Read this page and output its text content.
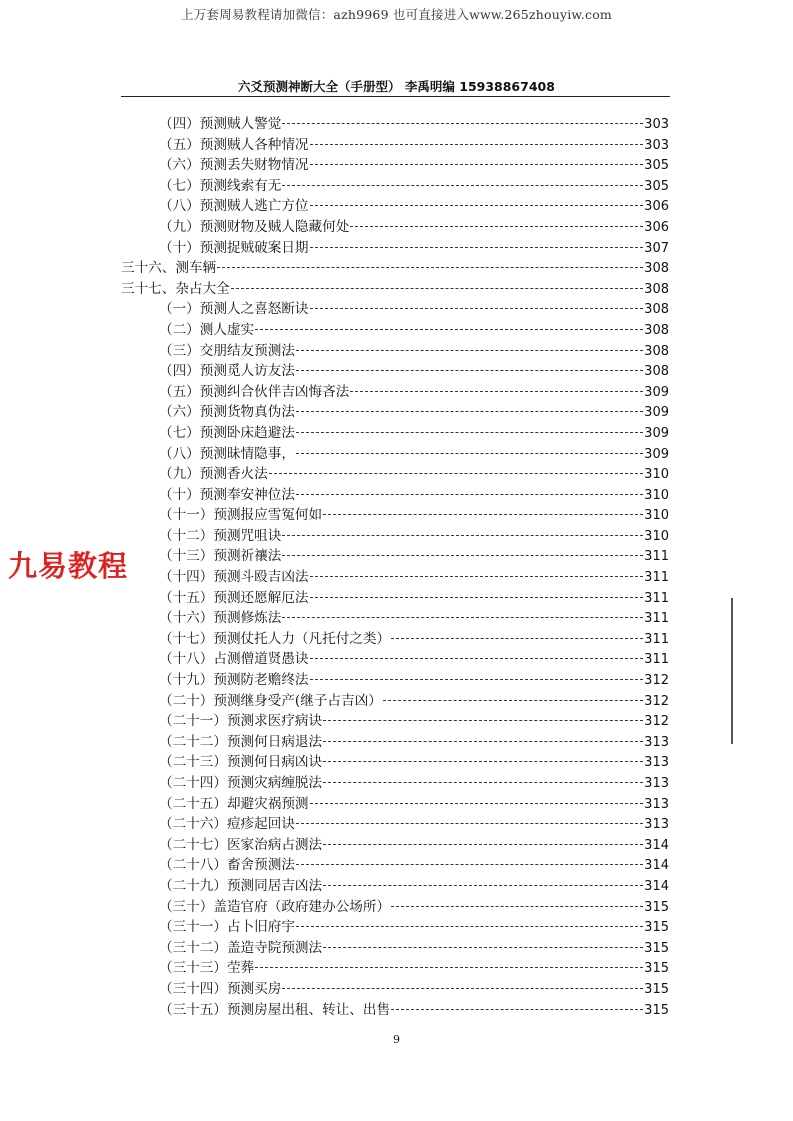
上万套周易教程请加微信：azh9969 也可直接进入www.265zhouyiw.com
六爻预测神断大全（手册型） 李禹明编 15938867408
（四）预测贼人警觉	303
（五）预测贼人各种情况	303
（六）预测丢失财物情况	305
（七）预测线索有无	305
（八）预测贼人逃亡方位	306
（九）预测财物及贼人隐藏何处	306
（十）预测捉贼破案日期	307
三十六、测车辆	308
三十七、杂占大全	308
（一）预测人之喜怒断诀	308
（二）测人虚实	308
（三）交朋结友预测法	308
（四）预测觅人访友法	308
（五）预测纠合伙伴吉凶悔吝法	309
（六）预测货物真伪法	309
（七）预测卧床趋避法	309
（八）预测昧情隐事，	309
（九）预测香火法	310
（十）预测奉安神位法	310
（十一）预测报应雪冤何如	310
（十二）预测咒咀诀	310
（十三）预测祈禳法	311
（十四）预测斗殴吉凶法	311
（十五）预测还愿解厄法	311
（十六）预测修炼法	311
（十七）预测仗托人力（凡托付之类）	311
（十八）占测僧道贤愚诀	311
（十九）预测防老赡终法	312
（二十）预测继身受产(继子占吉凶）	312
（二十一）预测求医疗病诀	312
（二十二）预测何日病退法	313
（二十三）预测何日病凶诀	313
（二十四）预测灾病缠脱法	313
（二十五）却避灾祸预测	313
（二十六）痘疹起回诀	313
（二十七）医家治病占测法	314
（二十八）畜舍预测法	314
（二十九）预测同居吉凶法	314
（三十）盖造官府（政府建办公场所）	315
（三十一）占卜旧府宇	315
（三十二）盖造寺院预测法	315
（三十三）茔葬	315
（三十四）预测买房	315
（三十五）预测房屋出租、转让、出售	315
九易教程
9
